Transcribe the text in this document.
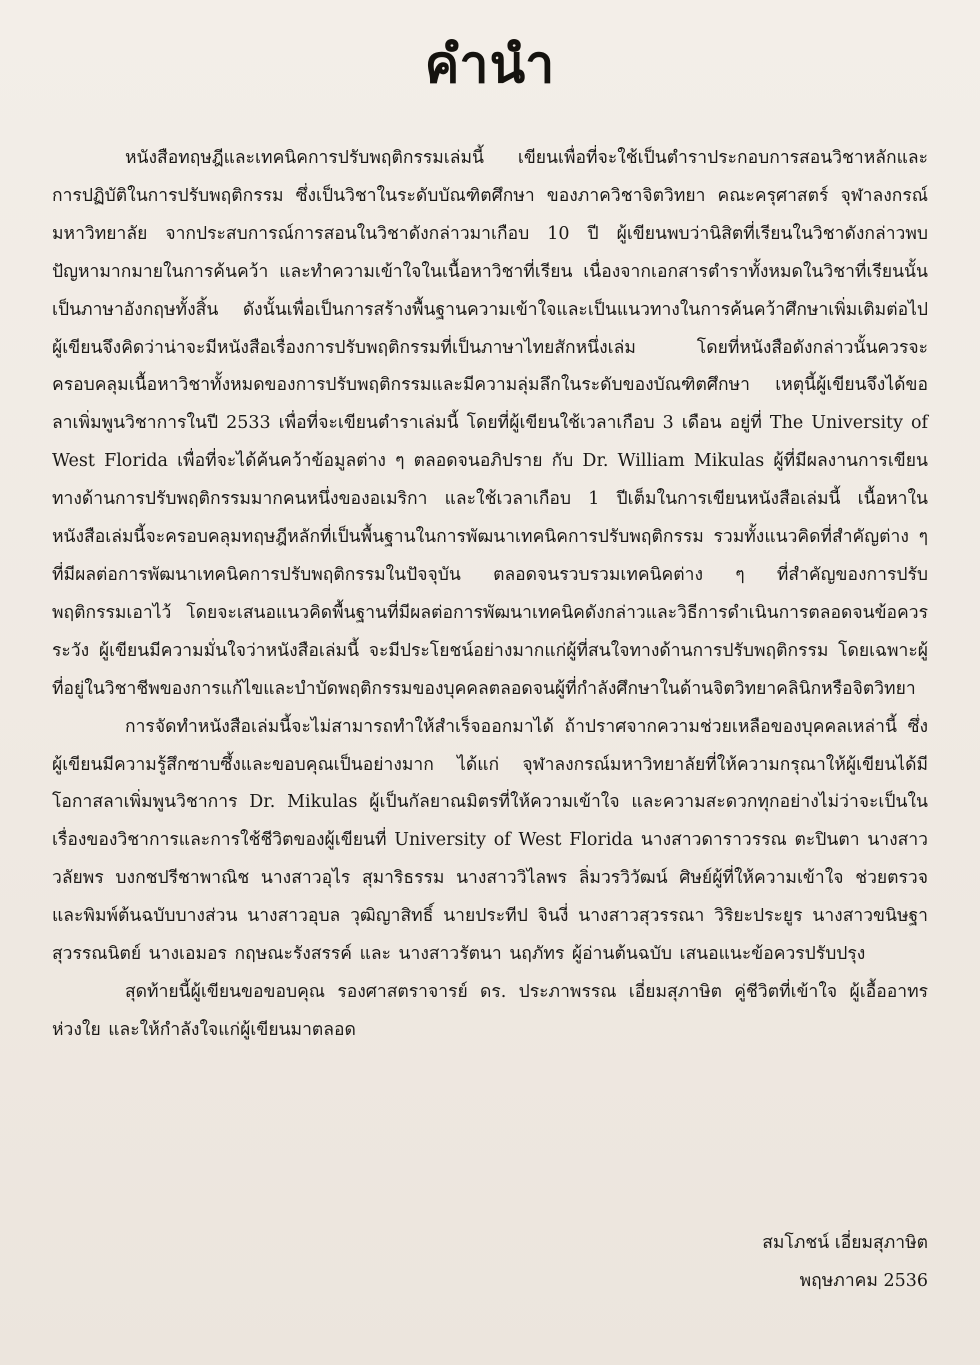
คำนำ

หนังสือทฤษฎีและเทคนิคการปรับพฤติกรรมเล่มนี้ เขียนเพื่อที่จะใช้เป็นตำราประกอบการสอนวิชาหลักและการปฏิบัติในการปรับพฤติกรรม ซึ่งเป็นวิชาในระดับบัณฑิตศึกษา ของภาควิชาจิตวิทยา คณะครุศาสตร์ จุฬาลงกรณ์มหาวิทยาลัย จากประสบการณ์การสอนในวิชาดังกล่าวมาเกือบ 10 ปี ผู้เขียนพบว่านิสิตที่เรียนในวิชาดังกล่าวพบปัญหามากมายในการค้นคว้า และทำความเข้าใจในเนื้อหาวิชาที่เรียน เนื่องจากเอกสารตำราทั้งหมดในวิชาที่เรียนนั้นเป็นภาษาอังกฤษทั้งสิ้น ดังนั้นเพื่อเป็นการสร้างพื้นฐานความเข้าใจและเป็นแนวทางในการค้นคว้าศึกษาเพิ่มเติมต่อไป ผู้เขียนจึงคิดว่าน่าจะมีหนังสือเรื่องการปรับพฤติกรรมที่เป็นภาษาไทยสักหนึ่งเล่ม โดยที่หนังสือดังกล่าวนั้นควรจะครอบคลุมเนื้อหาวิชาทั้งหมดของการปรับพฤติกรรมและมีความลุ่มลึกในระดับของบัณฑิตศึกษา เหตุนี้ผู้เขียนจึงได้ขอลาเพิ่มพูนวิชาการในปี 2533 เพื่อที่จะเขียนตำราเล่มนี้ โดยที่ผู้เขียนใช้เวลาเกือบ 3 เดือน อยู่ที่ The University of West Florida เพื่อที่จะได้ค้นคว้าข้อมูลต่าง ๆ ตลอดจนอภิปราย กับ Dr. William Mikulas ผู้ที่มีผลงานการเขียนทางด้านการปรับพฤติกรรมมากคนหนึ่งของอเมริกา และใช้เวลาเกือบ 1 ปีเต็มในการเขียนหนังสือเล่มนี้ เนื้อหาในหนังสือเล่มนี้จะครอบคลุมทฤษฎีหลักที่เป็นพื้นฐานในการพัฒนาเทคนิคการปรับพฤติกรรม รวมทั้งแนวคิดที่สำคัญต่าง ๆ ที่มีผลต่อการพัฒนาเทคนิคการปรับพฤติกรรมในปัจจุบัน ตลอดจนรวบรวมเทคนิคต่าง ๆ ที่สำคัญของการปรับพฤติกรรมเอาไว้ โดยจะเสนอแนวคิดพื้นฐานที่มีผลต่อการพัฒนาเทคนิคดังกล่าวและวิธีการดำเนินการตลอดจนข้อควรระวัง ผู้เขียนมีความมั่นใจว่าหนังสือเล่มนี้ จะมีประโยชน์อย่างมากแก่ผู้ที่สนใจทางด้านการปรับพฤติกรรม โดยเฉพาะผู้ที่อยู่ในวิชาชีพของการแก้ไขและบำบัดพฤติกรรมของบุคคลตลอดจนผู้ที่กำลังศึกษาในด้านจิตวิทยาคลินิกหรือจิตวิทยา

การจัดทำหนังสือเล่มนี้จะไม่สามารถทำให้สำเร็จออกมาได้ ถ้าปราศจากความช่วยเหลือของบุคคลเหล่านี้ ซึ่งผู้เขียนมีความรู้สึกซาบซึ้งและขอบคุณเป็นอย่างมาก ได้แก่ จุฬาลงกรณ์มหาวิทยาลัยที่ให้ความกรุณาให้ผู้เขียนได้มีโอกาสลาเพิ่มพูนวิชาการ Dr. Mikulas ผู้เป็นกัลยาณมิตรที่ให้ความเข้าใจ และความสะดวกทุกอย่างไม่ว่าจะเป็นในเรื่องของวิชาการและการใช้ชีวิตของผู้เขียนที่ University of West Florida นางสาวดาราวรรณ ตะปินตา นางสาววลัยพร บงกชปรีชาพาณิช นางสาวอุไร สุมาริธรรม นางสาววิไลพร ลิ่มวรวิวัฒน์ ศิษย์ผู้ที่ให้ความเข้าใจ ช่วยตรวจและพิมพ์ต้นฉบับบางส่วน นางสาวอุบล วุฒิญาสิทธิ์ นายประทีป จินงี่ นางสาวสุวรรณา วิริยะประยูร นางสาวขนิษฐา สุวรรณนิตย์ นางเอมอร กฤษณะรังสรรค์ และ นางสาวรัตนา นฤภัทร ผู้อ่านต้นฉบับ เสนอแนะข้อควรปรับปรุง

สุดท้ายนี้ผู้เขียนขอขอบคุณ รองศาสตราจารย์ ดร. ประภาพรรณ เอี่ยมสุภาษิต คู่ชีวิตที่เข้าใจ ผู้เอื้ออาทรห่วงใย และให้กำลังใจแก่ผู้เขียนมาตลอด

สมโภชน์ เอี่ยมสุภาษิต
พฤษภาคม 2536
